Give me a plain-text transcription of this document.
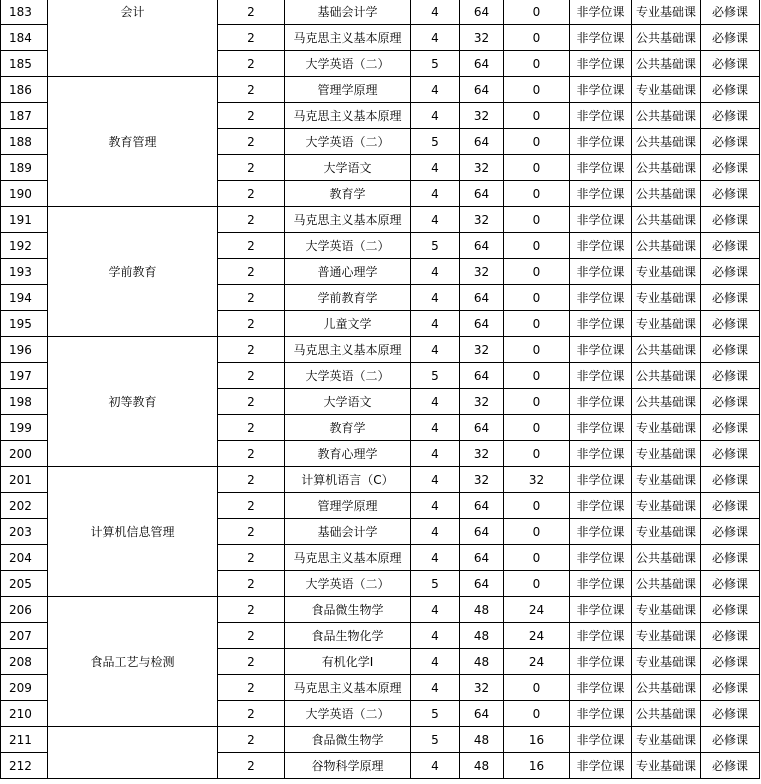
183	会计	2	基础会计学	4	64	0	非学位课	专业基础课	必修课
184		2	马克思主义基本原理	4	32	0	非学位课	公共基础课	必修课
185		2	大学英语（二）	5	64	0	非学位课	公共基础课	必修课
186	教育管理	2	管理学原理	4	64	0	非学位课	专业基础课	必修课
187		2	马克思主义基本原理	4	32	0	非学位课	公共基础课	必修课
188		2	大学英语（二）	5	64	0	非学位课	公共基础课	必修课
189		2	大学语文	4	32	0	非学位课	公共基础课	必修课
190		2	教育学	4	64	0	非学位课	公共基础课	必修课
191	学前教育	2	马克思主义基本原理	4	32	0	非学位课	公共基础课	必修课
192		2	大学英语（二）	5	64	0	非学位课	公共基础课	必修课
193		2	普通心理学	4	32	0	非学位课	专业基础课	必修课
194		2	学前教育学	4	64	0	非学位课	专业基础课	必修课
195		2	儿童文学	4	64	0	非学位课	专业基础课	必修课
196	初等教育	2	马克思主义基本原理	4	32	0	非学位课	公共基础课	必修课
197		2	大学英语（二）	5	64	0	非学位课	公共基础课	必修课
198		2	大学语文	4	32	0	非学位课	公共基础课	必修课
199		2	教育学	4	64	0	非学位课	专业基础课	必修课
200		2	教育心理学	4	32	0	非学位课	专业基础课	必修课
201	计算机信息管理	2	计算机语言（C）	4	32	32	非学位课	专业基础课	必修课
202		2	管理学原理	4	64	0	非学位课	专业基础课	必修课
203		2	基础会计学	4	64	0	非学位课	专业基础课	必修课
204		2	马克思主义基本原理	4	64	0	非学位课	公共基础课	必修课
205		2	大学英语（二）	5	64	0	非学位课	公共基础课	必修课
206	食品工艺与检测	2	食品微生物学	4	48	24	非学位课	专业基础课	必修课
207		2	食品生物化学	4	48	24	非学位课	专业基础课	必修课
208		2	有机化学I	4	48	24	非学位课	专业基础课	必修课
209		2	马克思主义基本原理	4	32	0	非学位课	公共基础课	必修课
210		2	大学英语（二）	5	64	0	非学位课	公共基础课	必修课
211		2	食品微生物学	5	48	16	非学位课	专业基础课	必修课
212		2	谷物科学原理	4	48	16	非学位课	专业基础课	必修课
